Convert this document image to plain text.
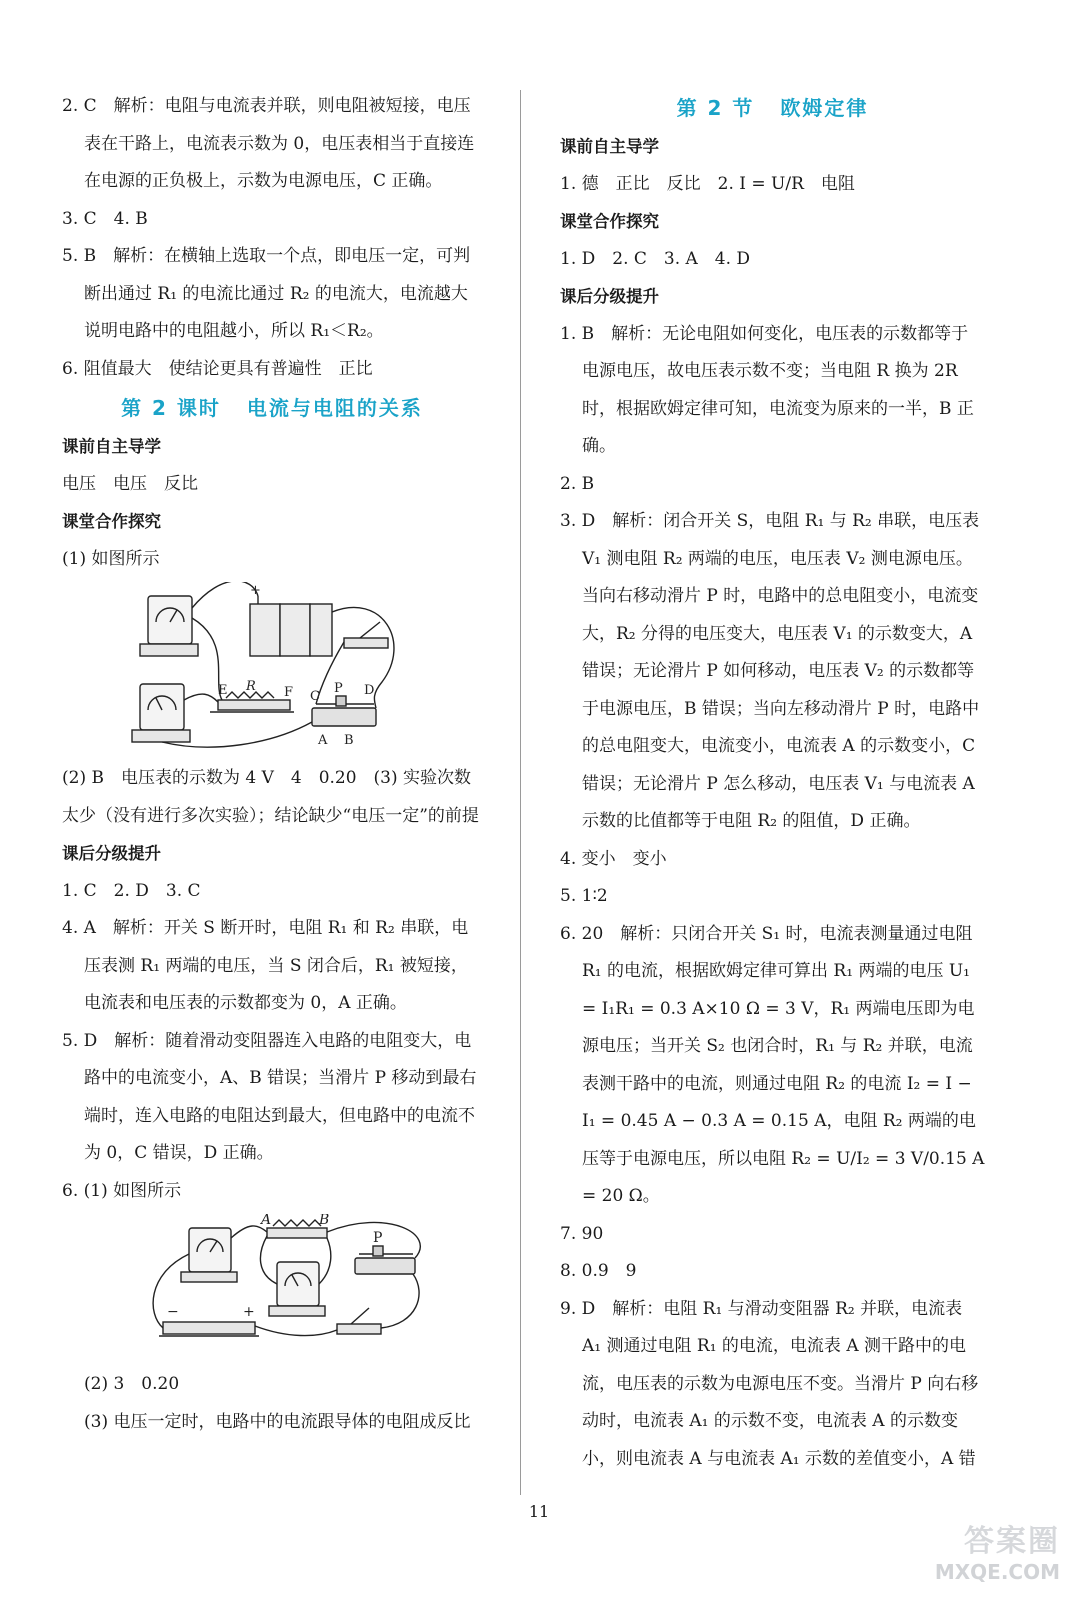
2. C　解析：电阻与电流表并联，则电阻被短接，电压表在干路上，电流表示数为 0，电压表相当于直接连在电源的正负极上，示数为电源电压，C 正确。

3. C　4. B

5. B　解析：在横轴上选取一个点，即电压一定，可判断出通过 R₁ 的电流比通过 R₂ 的电流大，电流越大说明电路中的电阻越小，所以 R₁＜R₂。

6. 阻值最大　使结论更具有普遍性　正比

第 2 课时 电流与电阻的关系

课前自主导学

电压　电压　反比

课堂合作探究

(1) 如图所示

+
R
E	F C
P D
A B

(2) B　电压表的示数为 4 V　4　0.20　(3) 实验次数太少（没有进行多次实验）；结论缺少“电压一定”的前提

课后分级提升

1. C　2. D　3. C

4. A　解析：开关 S 断开时，电阻 R₁ 和 R₂ 串联，电压表测 R₁ 两端的电压，当 S 闭合后，R₁ 被短接，电流表和电压表的示数都变为 0，A 正确。

5. D　解析：随着滑动变阻器连入电路的电阻变大，电路中的电流变小，A、B 错误；当滑片 P 移动到最右端时，连入电路的电阻达到最大，但电路中的电流不为 0，C 错误，D 正确。

6. (1) 如图所示

A	B
P
−	+

(2) 3　0.20

(3) 电压一定时，电路中的电流跟导体的电阻成反比

第 2 节 欧姆定律

课前自主导学

1. 德　正比　反比　2. I = U/R　电阻

课堂合作探究

1. D　2. C　3. A　4. D

课后分级提升

1. B　解析：无论电阻如何变化，电压表的示数都等于电源电压，故电压表示数不变；当电阻 R 换为 2R 时，根据欧姆定律可知，电流变为原来的一半，B 正确。

2. B

3. D　解析：闭合开关 S，电阻 R₁ 与 R₂ 串联，电压表 V₁ 测电阻 R₂ 两端的电压，电压表 V₂ 测电源电压。当向右移动滑片 P 时，电路中的总电阻变小，电流变大，R₂ 分得的电压变大，电压表 V₁ 的示数变大，A 错误；无论滑片 P 如何移动，电压表 V₂ 的示数都等于电源电压，B 错误；当向左移动滑片 P 时，电路中的总电阻变大，电流变小，电流表 A 的示数变小，C 错误；无论滑片 P 怎么移动，电压表 V₁ 与电流表 A 示数的比值都等于电阻 R₂ 的阻值，D 正确。

4. 变小　变小

5. 1∶2

6. 20　解析：只闭合开关 S₁ 时，电流表测量通过电阻 R₁ 的电流，根据欧姆定律可算出 R₁ 两端的电压 U₁ = I₁R₁ = 0.3 A×10 Ω = 3 V，R₁ 两端电压即为电源电压；当开关 S₂ 也闭合时，R₁ 与 R₂ 并联，电流表测干路中的电流，则通过电阻 R₂ 的电流 I₂ = I − I₁ = 0.45 A − 0.3 A = 0.15 A，电阻 R₂ 两端的电压等于电源电压，所以电阻 R₂ = U/I₂ = 3 V/0.15 A = 20 Ω。

7. 90

8. 0.9　9

9. D　解析：电阻 R₁ 与滑动变阻器 R₂ 并联，电流表 A₁ 测通过电阻 R₁ 的电流，电流表 A 测干路中的电流，电压表的示数为电源电压不变。当滑片 P 向右移动时，电流表 A₁ 的示数不变，电流表 A 的示数变小，则电流表 A 与电流表 A₁ 示数的差值变小，A 错

11
答案圈
MXQE.COM
